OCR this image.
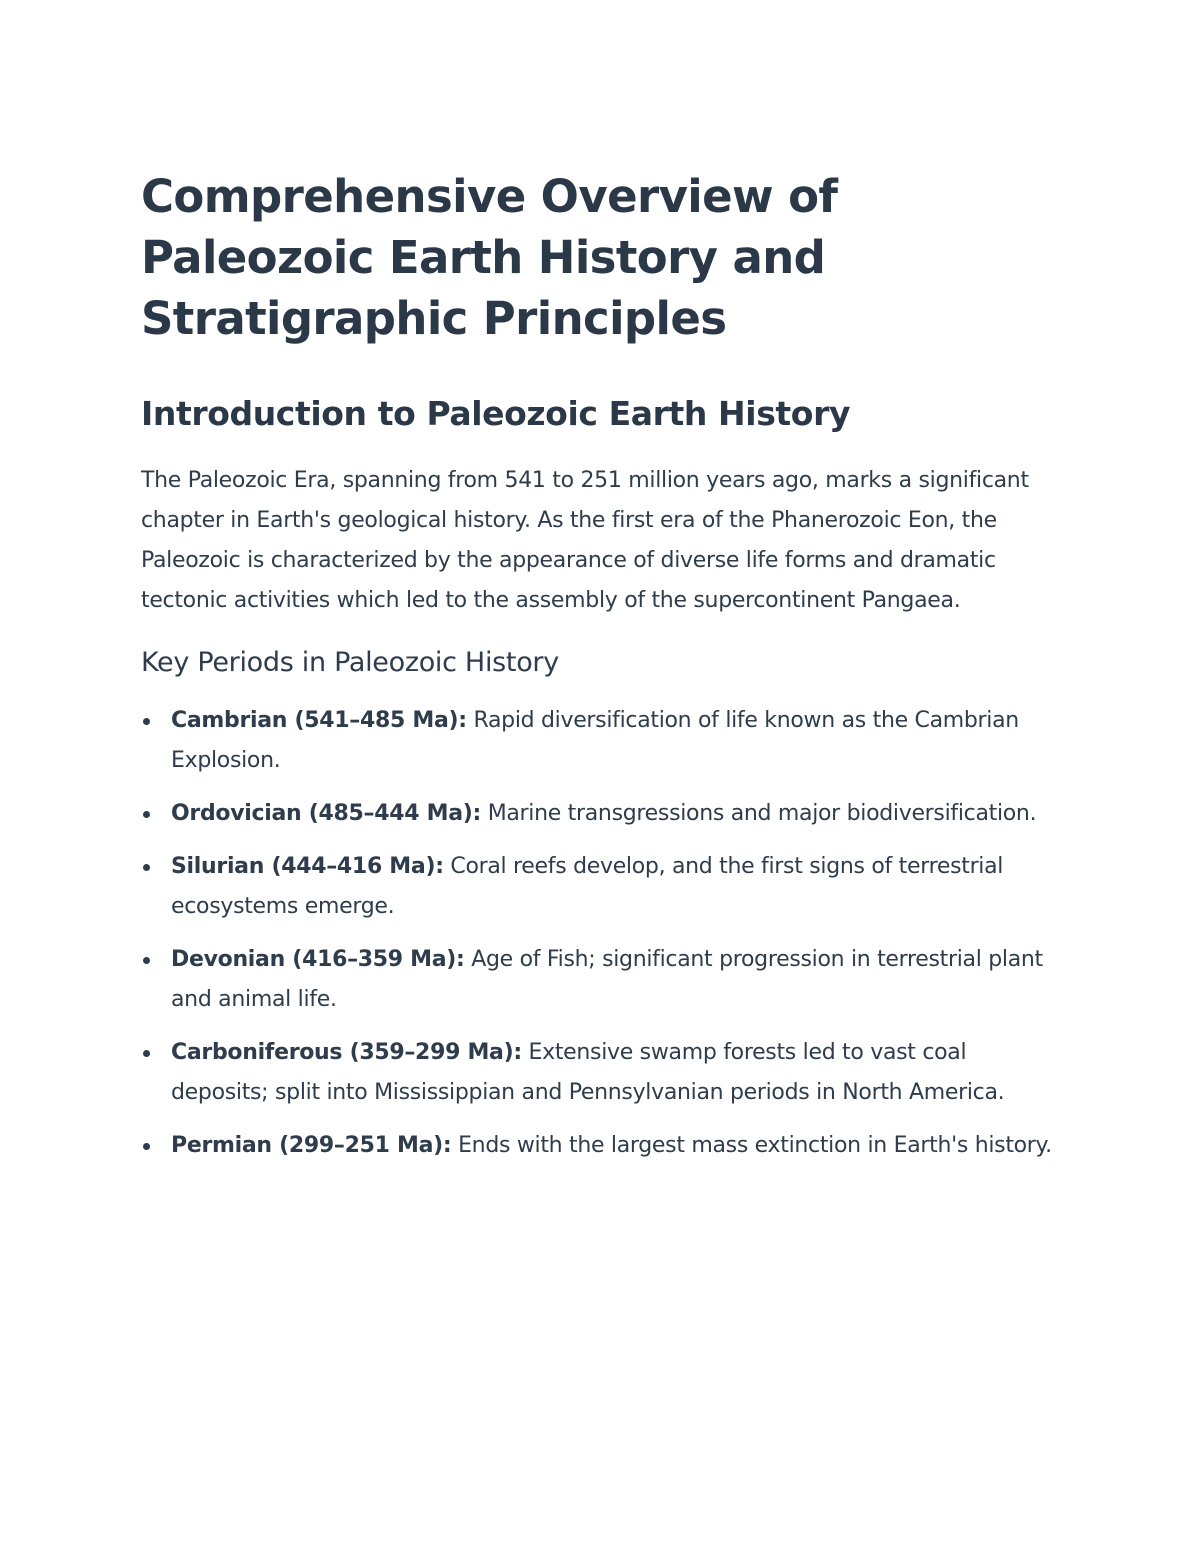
Comprehensive Overview of Paleozoic Earth History and Stratigraphic Principles
Introduction to Paleozoic Earth History

The Paleozoic Era, spanning from 541 to 251 million years ago, marks a significant chapter in Earth's geological history. As the first era of the Phanerozoic Eon, the Paleozoic is characterized by the appearance of diverse life forms and dramatic tectonic activities which led to the assembly of the supercontinent Pangaea.

Key Periods in Paleozoic History
Cambrian (541–485 Ma): Rapid diversification of life known as the Cambrian Explosion.
Ordovician (485–444 Ma): Marine transgressions and major biodiversification.
Silurian (444–416 Ma): Coral reefs develop, and the first signs of terrestrial ecosystems emerge.
Devonian (416–359 Ma): Age of Fish; significant progression in terrestrial plant and animal life.
Carboniferous (359–299 Ma): Extensive swamp forests led to vast coal deposits; split into Mississippian and Pennsylvanian periods in North America.
Permian (299–251 Ma): Ends with the largest mass extinction in Earth's history.
